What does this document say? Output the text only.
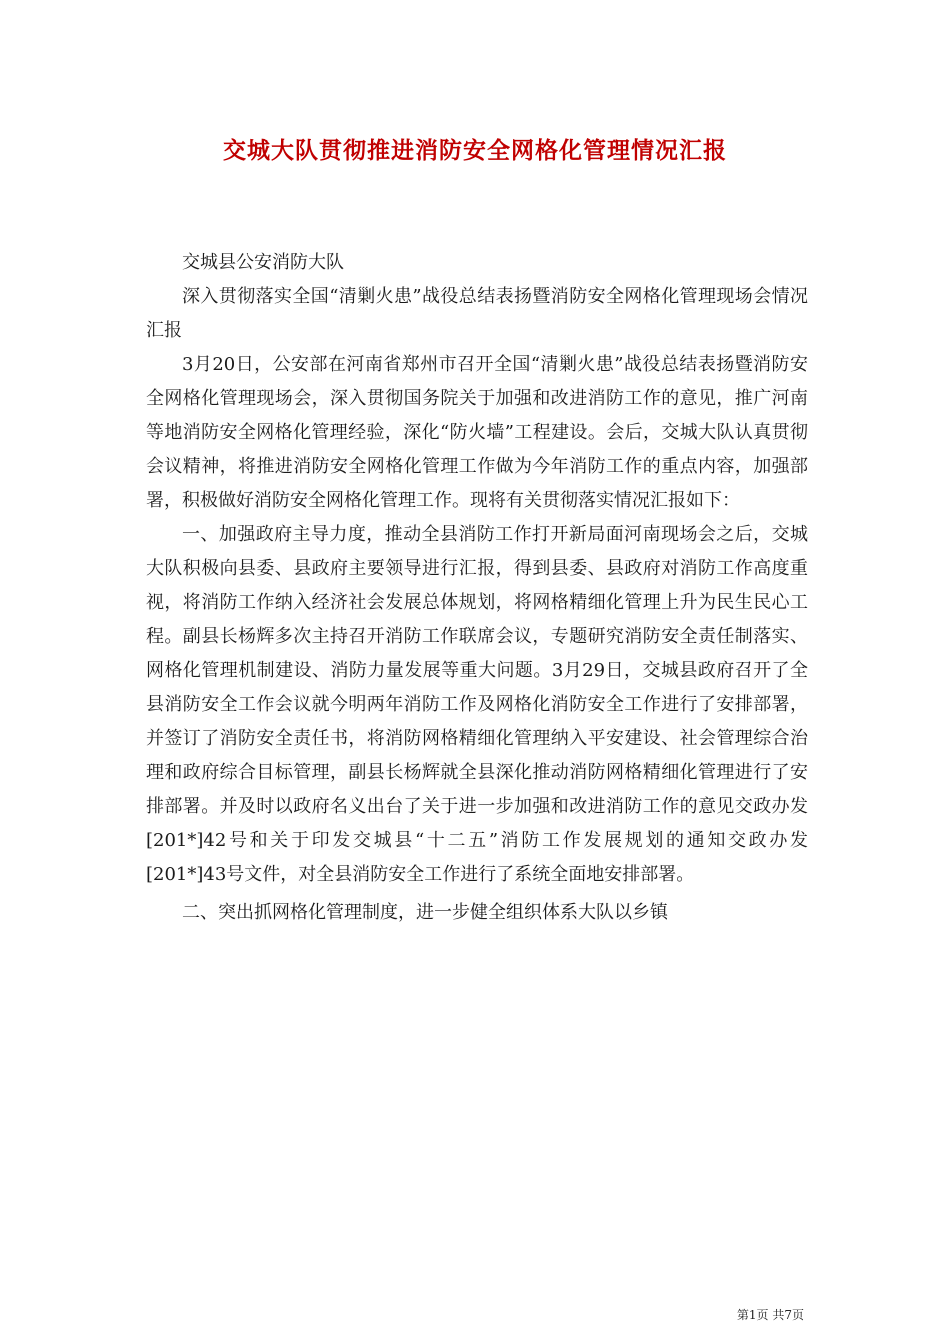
交城大队贯彻推进消防安全网格化管理情况汇报

交城县公安消防大队

深入贯彻落实全国“清剿火患”战役总结表扬暨消防安全网格化管理现场会情况汇报

3月20日，公安部在河南省郑州市召开全国“清剿火患”战役总结表扬暨消防安全网格化管理现场会，深入贯彻国务院关于加强和改进消防工作的意见，推广河南等地消防安全网格化管理经验，深化“防火墙”工程建设。会后，交城大队认真贯彻会议精神，将推进消防安全网格化管理工作做为今年消防工作的重点内容，加强部署，积极做好消防安全网格化管理工作。现将有关贯彻落实情况汇报如下：

一、加强政府主导力度，推动全县消防工作打开新局面河南现场会之后，交城大队积极向县委、县政府主要领导进行汇报，得到县委、县政府对消防工作高度重视，将消防工作纳入经济社会发展总体规划，将网格精细化管理上升为民生民心工程。副县长杨辉多次主持召开消防工作联席会议，专题研究消防安全责任制落实、网格化管理机制建设、消防力量发展等重大问题。3月29日，交城县政府召开了全县消防安全工作会议就今明两年消防工作及网格化消防安全工作进行了安排部署，并签订了消防安全责任书，将消防网格精细化管理纳入平安建设、社会管理综合治理和政府综合目标管理，副县长杨辉就全县深化推动消防网格精细化管理进行了安排部署。并及时以政府名义出台了关于进一步加强和改进消防工作的意见交政办发[201*]42号和关于印发交城县“十二五”消防工作发展规划的通知交政办发[201*]43号文件，对全县消防安全工作进行了系统全面地安排部署。

二、突出抓网格化管理制度，进一步健全组织体系大队以乡镇

第1页 共7页
